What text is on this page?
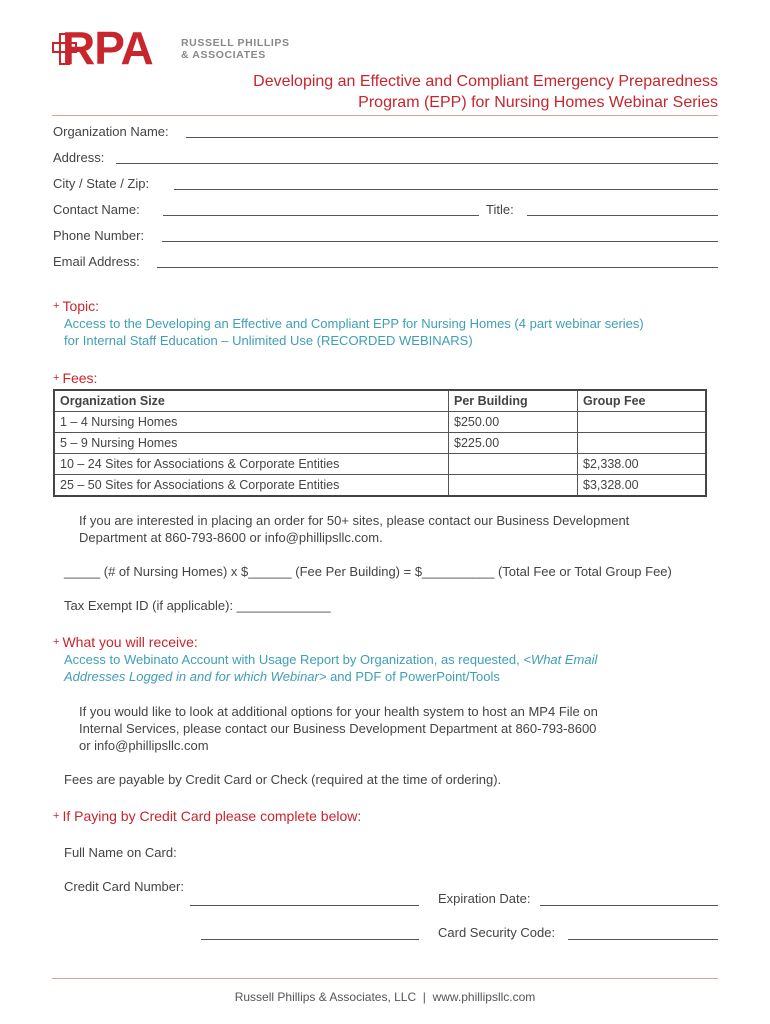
RPA	RUSSELL PHILLIPS
& ASSOCIATES
Developing an Effective and Compliant Emergency Preparedness
Program (EPP) for Nursing Homes Webinar Series
Organization Name:
Address:
City / State / Zip:
Contact Name:	Title:
Phone Number:
Email Address:
+ Topic:
Access to the Developing an Effective and Compliant EPP for Nursing Homes (4 part webinar series)
for Internal Staff Education – Unlimited Use (RECORDED WEBINARS)
+ Fees:
Organization Size	Per Building	Group Fee
1 – 4 Nursing Homes	$250.00	
5 – 9 Nursing Homes	$225.00	
10 – 24 Sites for Associations & Corporate Entities		$2,338.00
25 – 50 Sites for Associations & Corporate Entities		$3,328.00
If you are interested in placing an order for 50+ sites, please contact our Business Development
Department at 860-793-8600 or info@phillipsllc.com.
_____ (# of Nursing Homes) x $______ (Fee Per Building) = $__________ (Total Fee or Total Group Fee)
Tax Exempt ID (if applicable): _____________
+ What you will receive:
Access to Webinato Account with Usage Report by Organization, as requested, <What Email
Addresses Logged in and for which Webinar> and PDF of PowerPoint/Tools
If you would like to look at additional options for your health system to host an MP4 File on
Internal Services, please contact our Business Development Department at 860-793-8600
or info@phillipsllc.com
Fees are payable by Credit Card or Check (required at the time of ordering).
+ If Paying by Credit Card please complete below:
Full Name on Card:
Credit Card Number:
Expiration Date:
Card Security Code:
Russell Phillips & Associates, LLC  |  www.phillipsllc.com
